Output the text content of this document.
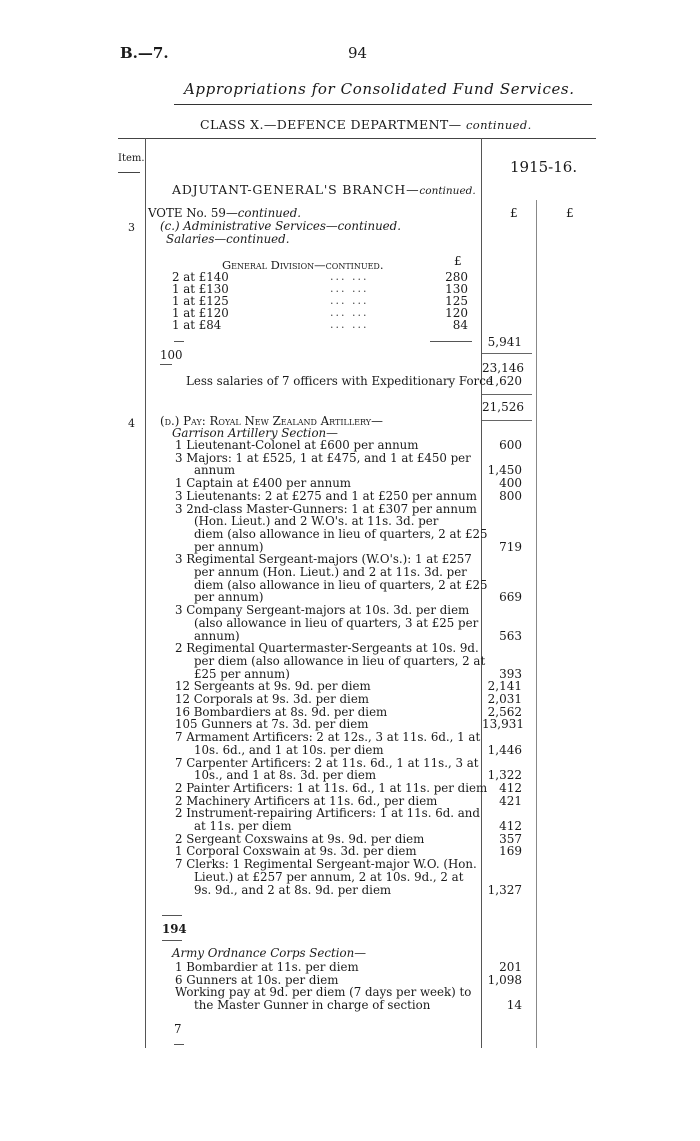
B.—7.	94
Appropriations for Consolidated Fund Services.
CLASS X.—DEFENCE DEPARTMENT— continued.
Item.	1915-16.
ADJUTANT-GENERAL'S BRANCH—continued.
VOTE No. 59—continued.	£	£
3 (c.) Administrative Services—continued.
Salaries—continued.
General Division—continued.	£
2 at £140	... ...	280
1 at £130	... ...	130
1 at £125	... ...	125
1 at £120	... ...	120
1 at £84	... ...	84
5,941
100
23,146
Less salaries of 7 officers with Expeditionary Force
1,620
21,526
4 (d.) Pay: Royal New Zealand Artillery—
Garrison Artillery Section—
1 Lieutenant-Colonel at £600 per annum	600
3 Majors: 1 at £525, 1 at £475, and 1 at £450 per
annum	1,450
1 Captain at £400 per annum	400
3 Lieutenants: 2 at £275 and 1 at £250 per annum	800
3 2nd-class Master-Gunners: 1 at £307 per annum
(Hon. Lieut.) and 2 W.O's. at 11s. 3d. per
diem (also allowance in lieu of quarters, 2 at £25
per annum)	719
3 Regimental Sergeant-majors (W.O's.): 1 at £257
per annum (Hon. Lieut.) and 2 at 11s. 3d. per
diem (also allowance in lieu of quarters, 2 at £25
per annum)	669
3 Company Sergeant-majors at 10s. 3d. per diem
(also allowance in lieu of quarters, 3 at £25 per
annum)	563
2 Regimental Quartermaster-Sergeants at 10s. 9d.
per diem (also allowance in lieu of quarters, 2 at
£25 per annum)	393
12 Sergeants at 9s. 9d. per diem	2,141
12 Corporals at 9s. 3d. per diem	2,031
16 Bombardiers at 8s. 9d. per diem	2,562
105 Gunners at 7s. 3d. per diem	13,931
7 Armament Artificers: 2 at 12s., 3 at 11s. 6d., 1 at
10s. 6d., and 1 at 10s. per diem	1,446
7 Carpenter Artificers: 2 at 11s. 6d., 1 at 11s., 3 at
10s., and 1 at 8s. 3d. per diem	1,322
2 Painter Artificers: 1 at 11s. 6d., 1 at 11s. per diem 412
2 Machinery Artificers at 11s. 6d., per diem	421
2 Instrument-repairing Artificers: 1 at 11s. 6d. and
at 11s. per diem	412
2 Sergeant Coxswains at 9s. 9d. per diem	357
1 Corporal Coxswain at 9s. 3d. per diem	169
7 Clerks: 1 Regimental Sergeant-major W.O. (Hon.
Lieut.) at £257 per annum, 2 at 10s. 9d., 2 at
9s. 9d., and 2 at 8s. 9d. per diem	1,327
194
Army Ordnance Corps Section—
1 Bombardier at 11s. per diem	201
6 Gunners at 10s. per diem	1,098
Working pay at 9d. per diem (7 days per week) to
the Master Gunner in charge of section	14
7
